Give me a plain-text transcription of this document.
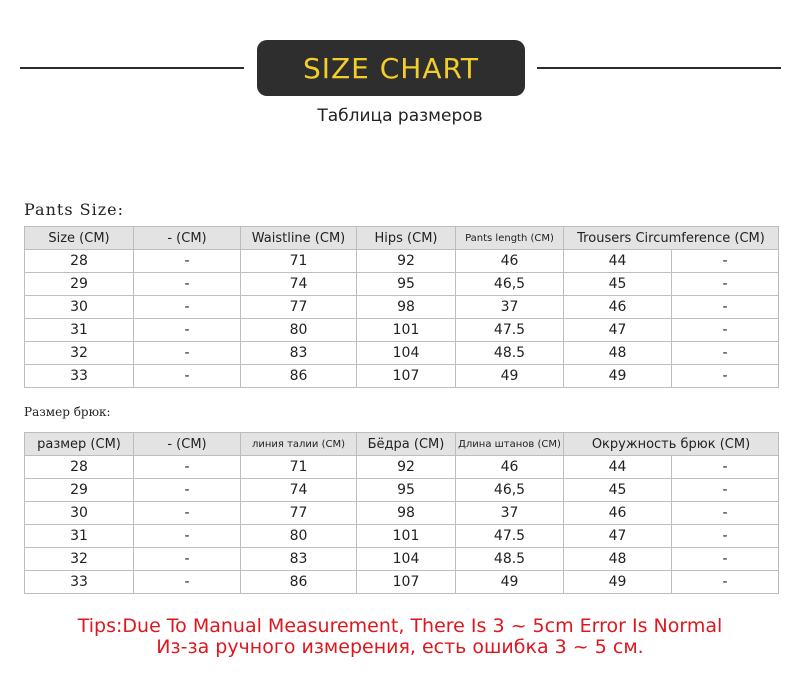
SIZE CHART
Таблица размеров
Pants Size:
Size (CM)	- (CM)	Waistline (CM)	Hips (CM)	Pants length (CM)	Trousers Circumference (CM)	
28	-	71	92	46	44	-
29	-	74	95	46,5	45	-
30	-	77	98	37	46	-
31	-	80	101	47.5	47	-
32	-	83	104	48.5	48	-
33	-	86	107	49	49	-
Размер брюк:
размер (CM)	- (CM)	линия талии (CM)	Бёдра (CM)	Длина штанов (CM)	Окружность брюк (CM)	
28	-	71	92	46	44	-
29	-	74	95	46,5	45	-
30	-	77	98	37	46	-
31	-	80	101	47.5	47	-
32	-	83	104	48.5	48	-
33	-	86	107	49	49	-
Tips:Due To Manual Measurement, There Is 3 ~ 5cm Error Is Normal
Из-за ручного измерения, есть ошибка 3 ~ 5 см.
